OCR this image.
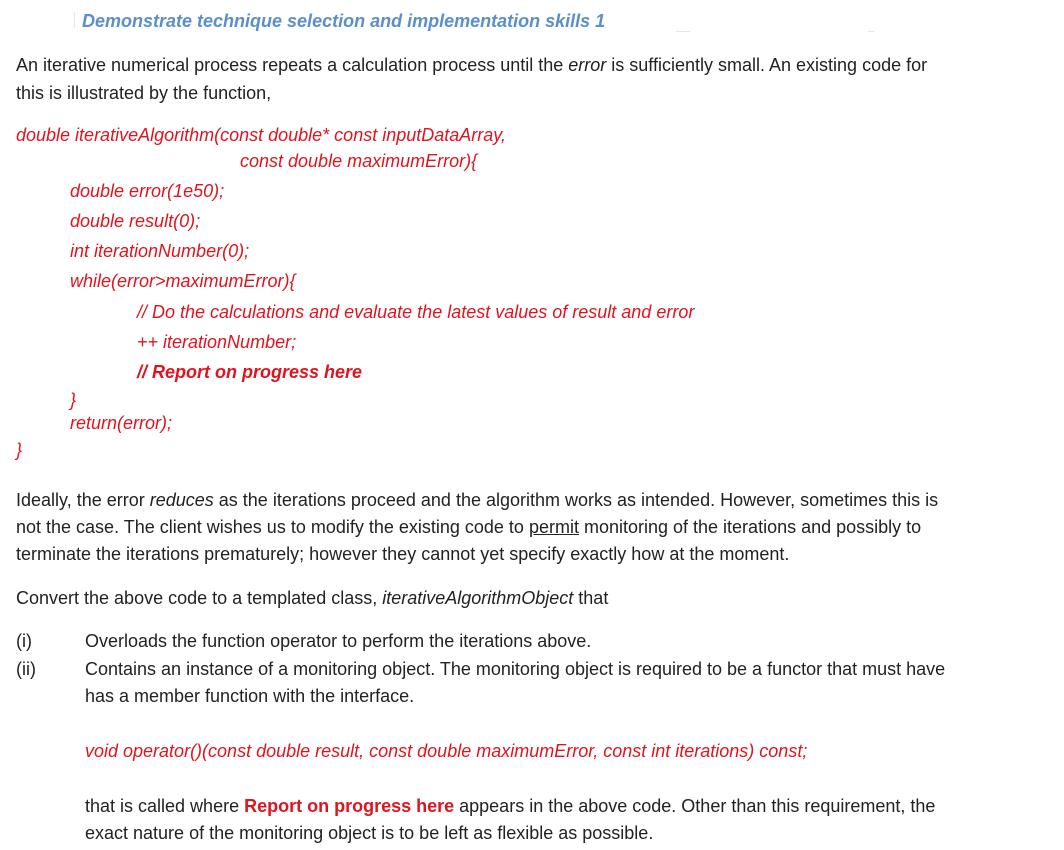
Demonstrate technique selection and implementation skills 1
An iterative numerical process repeats a calculation process until the error is sufficiently small. An existing code for
this is illustrated by the function,
double iterativeAlgorithm(const double* const inputDataArray,
const double maximumError){
double error(1e50);
double result(0);
int iterationNumber(0);
while(error>maximumError){
// Do the calculations and evaluate the latest values of result and error
++ iterationNumber;
// Report on progress here
}
return(error);
}
Ideally, the error reduces as the iterations proceed and the algorithm works as intended. However, sometimes this is
not the case. The client wishes us to modify the existing code to permit monitoring of the iterations and possibly to
terminate the iterations prematurely; however they cannot yet specify exactly how at the moment.
Convert the above code to a templated class, iterativeAlgorithmObject that
(i)	Overloads the function operator to perform the iterations above.
(ii)	Contains an instance of a monitoring object. The monitoring object is required to be a functor that must have
has a member function with the interface.
void operator()(const double result, const double maximumError, const int iterations) const;
that is called where Report on progress here appears in the above code. Other than this requirement, the
exact nature of the monitoring object is to be left as flexible as possible.
